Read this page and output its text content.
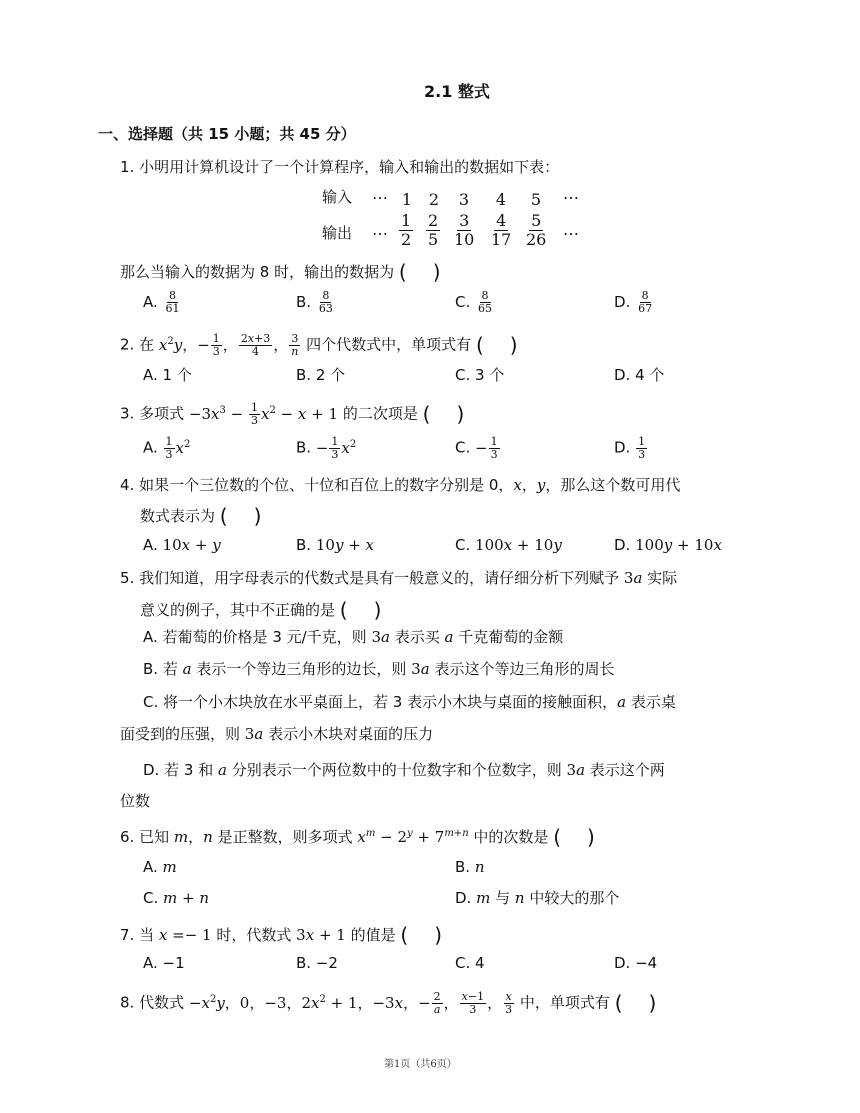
2.1 整式
一、选择题（共 15 小题；共 45 分）
1. 小明用计算机设计了一个计算程序，输入和输出的数据如下表：
输入 ⋯ 1	2	3	4	5	⋯
输出 ⋯ $\frac{1}{2} \frac{2}{5} \frac{3}{10} \frac{4}{17} \frac{5}{26}$ ⋯
那么当输入的数据为 8 时，输出的数据为 ( )
A. $\frac{8}{61}$	B. $\frac{8}{63}$	C. $\frac{8}{65}$	D. $\frac{8}{67}$
2. 在 $x^2y$，− $\frac{1}{3}$ ， $\frac{2x+3}{4}$ ， $\frac{3}{n}$ 四个代数式中，单项式有 ( )
A. 1 个	B. 2 个	C. 3 个	D. 4 个
3. 多项式 $-3x^3 - \frac{1}{3} x^2 - x + 1$ 的二次项是 ( )
A. $\frac{1}{3} x^2$	B. − $\frac{1}{3} x^2$	C. − $\frac{1}{3}$	D. $\frac{1}{3}$
4. 如果一个三位数的个位、十位和百位上的数字分别是 0，x，y，那么这个数可用代
数式表示为 ( )
A. 10x + y	B. 10y + x	C. 100x + 10y	D. 100y + 10x
5. 我们知道，用字母表示的代数式是具有一般意义的，请仔细分析下列赋予 3a 实际
意义的例子，其中不正确的是 ( )
A. 若葡萄的价格是 3 元/千克，则 3a 表示买 a 千克葡萄的金额
B. 若 a 表示一个等边三角形的边长，则 3a 表示这个等边三角形的周长
C. 将一个小木块放在水平桌面上，若 3 表示小木块与桌面的接触面积，a 表示桌
面受到的压强，则 3a 表示小木块对桌面的压力
D. 若 3 和 a 分别表示一个两位数中的十位数字和个位数字，则 3a 表示这个两
位数
6. 已知 m，n 是正整数，则多项式 $x^m - 2^y + 7^{m+n}$ 中的次数是 ( )
A. m	B. n
C. m + n	D. m 与 n 中较大的那个
7. 当 x =− 1 时，代数式 3x + 1 的值是 ( )
A. −1	B. −2	C. 4	D. −4
8. 代数式 $-x^2y$，0，−3，$2x^2 + 1$，−3x，− $\frac{2}{a}$ ， $\frac{x-1}{3}$ ， $\frac{x}{3}$ 中，单项式有 ( )
第1页（共6页）
